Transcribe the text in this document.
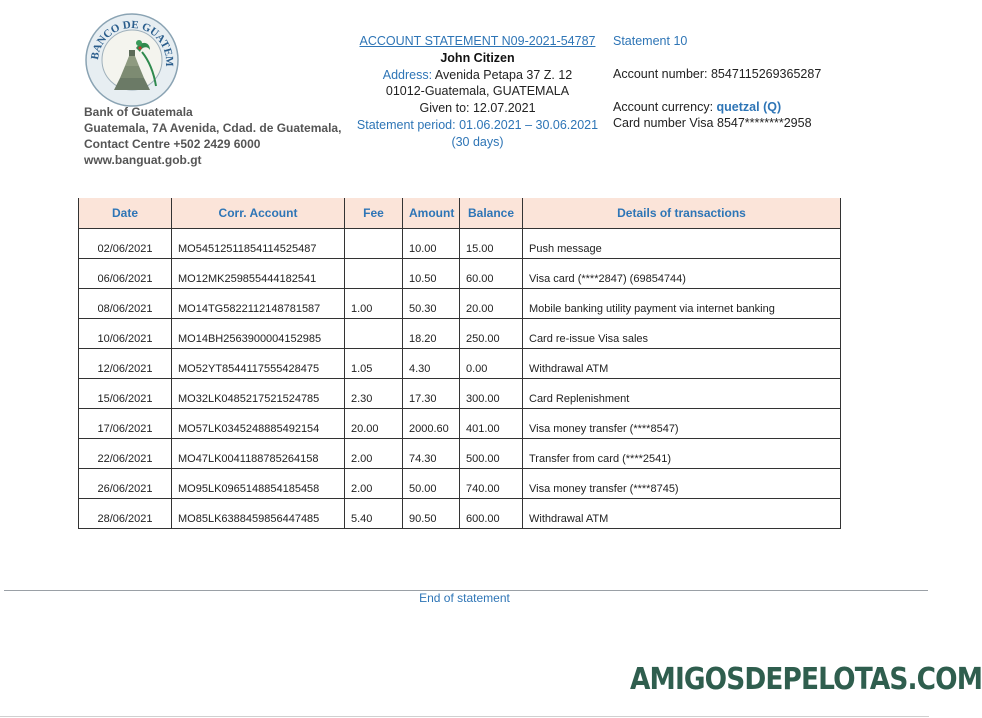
BANCO DE GUATEM
Bank of Guatemala
Guatemala, 7A Avenida, Cdad. de Guatemala,
Contact Centre +502 2429 6000
www.banguat.gob.gt
ACCOUNT STATEMENT N09-2021-54787
John Citizen
Address: Avenida Petapa 37 Z. 12
01012-Guatemala, GUATEMALA
Given to: 12.07.2021
Statement period: 01.06.2021 – 30.06.2021
(30 days)
Statement 10
Account number: 8547115269365287
Account currency: quetzal (Q)
Card number Visa 8547********2958
Date	Corr. Account	Fee	Amount	Balance	Details of transactions
02/06/2021	MO54512511854114525487		10.00	15.00	Push message
06/06/2021	MO12MK259855444182541		10.50	60.00	Visa card (****2847) (69854744)
08/06/2021	MO14TG5822112148781587	1.00	50.30	20.00	Mobile banking utility payment via internet banking
10/06/2021	MO14BH2563900004152985		18.20	250.00	Card re-issue Visa sales
12/06/2021	MO52YT8544117555428475	1.05	4.30	0.00	Withdrawal ATM
15/06/2021	MO32LK0485217521524785	2.30	17.30	300.00	Card Replenishment
17/06/2021	MO57LK0345248885492154	20.00	2000.60	401.00	Visa money transfer (****8547)
22/06/2021	MO47LK0041188785264158	2.00	74.30	500.00	Transfer from card (****2541)
26/06/2021	MO95LK0965148854185458	2.00	50.00	740.00	Visa money transfer (****8745)
28/06/2021	MO85LK6388459856447485	5.40	90.50	600.00	Withdrawal ATM
End of statement
AMIGOSDEPELOTAS.COM
